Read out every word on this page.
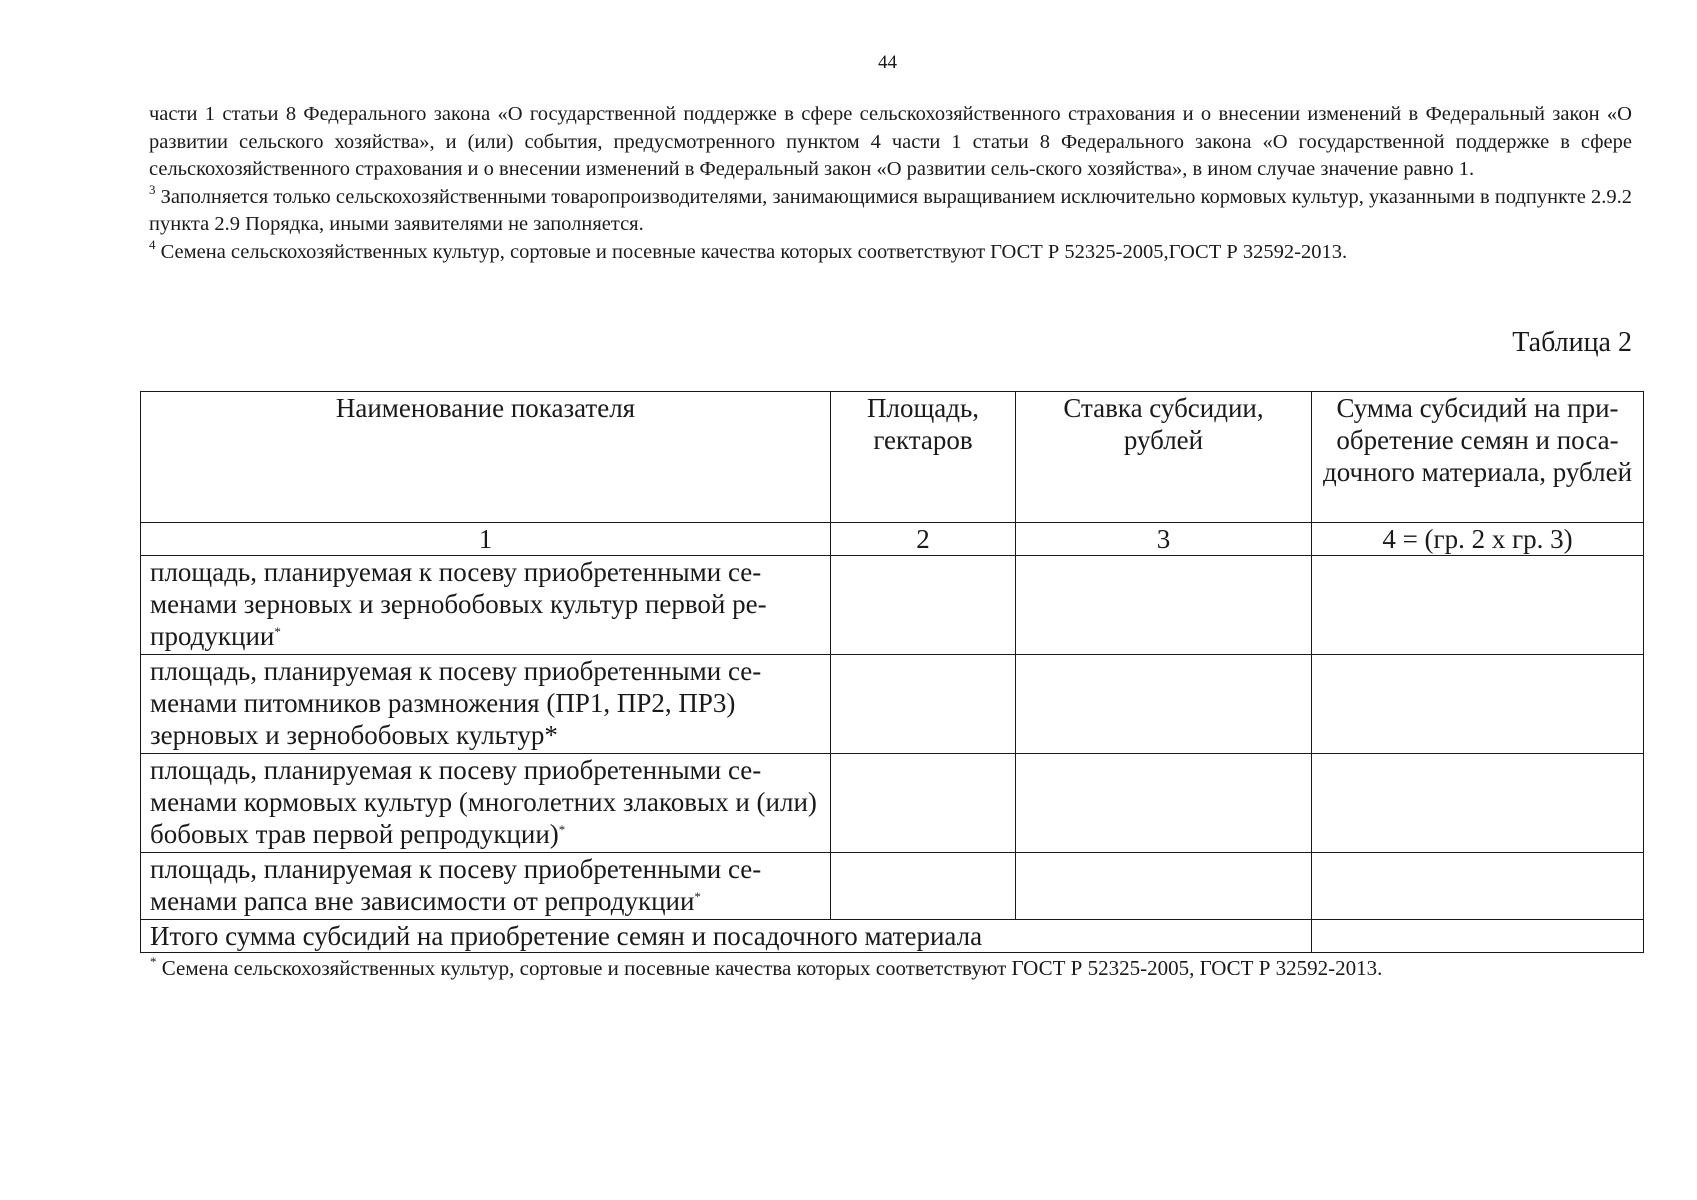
44

части 1 статьи 8 Федерального закона «О государственной поддержке в сфере сельскохозяйственного страхования и о внесении изменений в Федеральный закон «О развитии сельского хозяйства», и (или) события, предусмотренного пунктом 4 части 1 статьи 8 Федерального закона «О государственной поддержке в сфере сельскохозяйственного страхования и о внесении изменений в Федеральный закон «О развитии сель-ского хозяйства», в ином случае значение равно 1.

$^3$ Заполняется только сельскохозяйственными товаропроизводителями, занимающимися выращиванием исключительно кормовых культур, указанными в подпункте 2.9.2 пункта 2.9 Порядка, иными заявителями не заполняется.

$^4$ Семена сельскохозяйственных культур, сортовые и посевные качества которых соответствуют ГОСТ Р 52325-2005,ГОСТ Р 32592-2013.

Таблица 2
Наименование показателя	Площадь, гектаров	Ставка субсидии, рублей	Сумма субсидий на при-обретение семян и поса-дочного материала, рублей
1	2	3	4 = (гр. 2 х гр. 3)
площадь, планируемая к посеву приобретенными се-менами зерновых и зернобобовых культур первой ре-продукции*			
площадь, планируемая к посеву приобретенными се-менами питомников размножения (ПР1, ПР2, ПР3) зерновых и зернобобовых культур*			
площадь, планируемая к посеву приобретенными се-менами кормовых культур (многолетних злаковых и (или) бобовых трав первой репродукции)*			
площадь, планируемая к посеву приобретенными се-менами рапса вне зависимости от репродукции*			
Итого сумма субсидий на приобретение семян и посадочного материала			
* Семена сельскохозяйственных культур, сортовые и посевные качества которых соответствуют ГОСТ Р 52325-2005, ГОСТ Р 32592-2013.
